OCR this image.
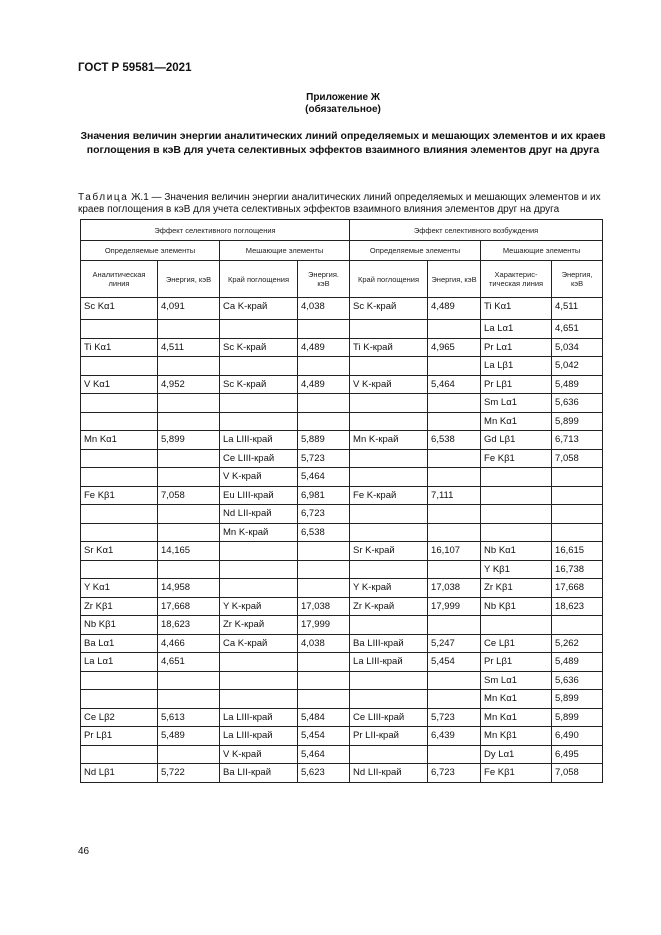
ГОСТ Р 59581—2021
Приложение Ж
(обязательное)
Значения величин энергии аналитических линий определяемых и мешающих элементов и их краев поглощения в кэВ для учета селективных эффектов взаимного влияния элементов друг на друга
Таблица Ж.1 — Значения величин энергии аналитических линий определяемых и мешающих элементов и их краев поглощения в кэВ для учета селективных эффектов взаимного влияния элементов друг на друга
Эффект селективного поглощения				Эффект селективного возбуждения			
Определяемые элементы		Мешающие элементы		Определяемые элементы		Мешающие элементы	
Аналитическая линия	Энергия, кэВ	Край поглощения	Энергия. кэВ	Край поглощения	Энергия, кэВ	Характерис-тическая линия	Энергия, кэВ
Sc Kα1	4,091	Ca K-край	4,038	Sc K-край	4,489	Ti Kα1	4,511
						La Lα1	4,651
Ti Kα1	4,511	Sc K-край	4,489	Ti K-край	4,965	Pr Lα1	5,034
						La Lβ1	5,042
V Kα1	4,952	Sc K-край	4,489	V K-край	5,464	Pr Lβ1	5,489
						Sm Lα1	5,636
						Mn Kα1	5,899
Mn Kα1	5,899	La LIII-край	5,889	Mn K-край	6,538	Gd Lβ1	6,713
		Ce LIII-край	5,723			Fe Kβ1	7,058
		V K-край	5,464				
Fe Kβ1	7,058	Eu LIII-край	6,981	Fe K-край	7,111		
		Nd LII-край	6,723				
		Mn K-край	6,538				
Sr Kα1	14,165			Sr K-край	16,107	Nb Kα1	16,615
						Y Kβ1	16,738
Y Kα1	14,958			Y K-край	17,038	Zr Kβ1	17,668
Zr Kβ1	17,668	Y K-край	17,038	Zr K-край	17,999	Nb Kβ1	18,623
Nb Kβ1	18,623	Zr K-край	17,999				
Ba Lα1	4,466	Ca K-край	4,038	Ba LIII-край	5,247	Ce Lβ1	5,262
La Lα1	4,651			La LIII-край	5,454	Pr Lβ1	5,489
						Sm Lα1	5,636
						Mn Kα1	5,899
Ce Lβ2	5,613	La LIII-край	5,484	Ce LIII-край	5,723	Mn Kα1	5,899
Pr Lβ1	5,489	La LIII-край	5,454	Pr LII-край	6,439	Mn Kβ1	6,490
		V K-край	5,464			Dy Lα1	6,495
Nd Lβ1	5,722	Ba LII-край	5,623	Nd LII-край	6,723	Fe Kβ1	7,058
46
